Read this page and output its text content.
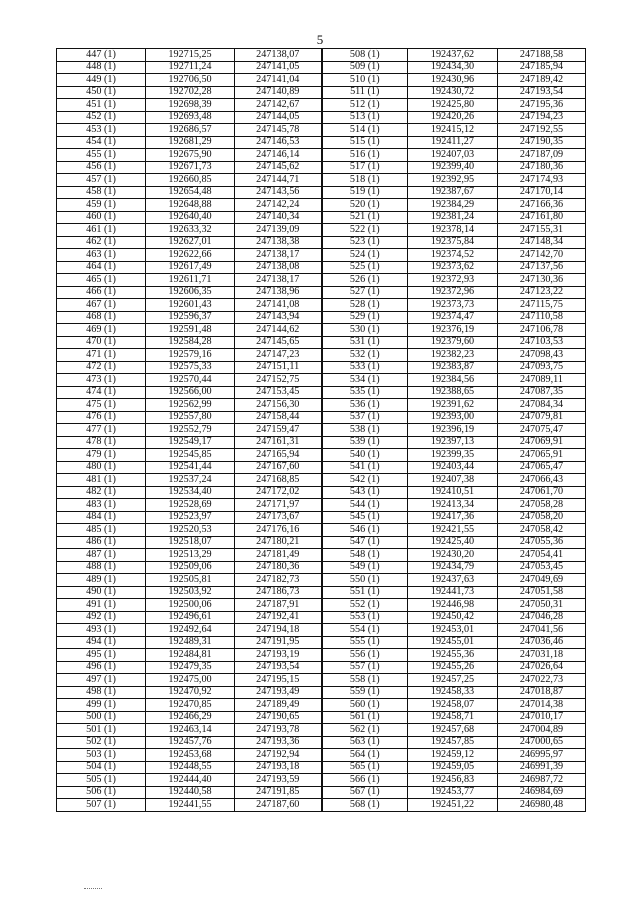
5
447 (1)	192715,25	247138,07	508 (1)	192437,62	247188,58
448 (1)	192711,24	247141,05	509 (1)	192434,30	247185,94
449 (1)	192706,50	247141,04	510 (1)	192430,96	247189,42
450 (1)	192702,28	247140,89	511 (1)	192430,72	247193,54
451 (1)	192698,39	247142,67	512 (1)	192425,80	247195,36
452 (1)	192693,48	247144,05	513 (1)	192420,26	247194,23
453 (1)	192686,57	247145,78	514 (1)	192415,12	247192,55
454 (1)	192681,29	247146,53	515 (1)	192411,27	247190,35
455 (1)	192675,90	247146,14	516 (1)	192407,03	247187,09
456 (1)	192671,73	247145,62	517 (1)	192399,40	247180,36
457 (1)	192660,85	247144,71	518 (1)	192392,95	247174,93
458 (1)	192654,48	247143,56	519 (1)	192387,67	247170,14
459 (1)	192648,88	247142,24	520 (1)	192384,29	247166,36
460 (1)	192640,40	247140,34	521 (1)	192381,24	247161,80
461 (1)	192633,32	247139,09	522 (1)	192378,14	247155,31
462 (1)	192627,01	247138,38	523 (1)	192375,84	247148,34
463 (1)	192622,66	247138,17	524 (1)	192374,52	247142,70
464 (1)	192617,49	247138,08	525 (1)	192373,62	247137,56
465 (1)	192611,71	247138,17	526 (1)	192372,93	247130,36
466 (1)	192606,35	247138,96	527 (1)	192372,96	247123,22
467 (1)	192601,43	247141,08	528 (1)	192373,73	247115,75
468 (1)	192596,37	247143,94	529 (1)	192374,47	247110,58
469 (1)	192591,48	247144,62	530 (1)	192376,19	247106,78
470 (1)	192584,28	247145,65	531 (1)	192379,60	247103,53
471 (1)	192579,16	247147,23	532 (1)	192382,23	247098,43
472 (1)	192575,33	247151,11	533 (1)	192383,87	247093,75
473 (1)	192570,44	247152,75	534 (1)	192384,56	247089,11
474 (1)	192566,00	247153,45	535 (1)	192388,65	247087,35
475 (1)	192562,99	247156,30	536 (1)	192391,62	247084,34
476 (1)	192557,80	247158,44	537 (1)	192393,00	247079,81
477 (1)	192552,79	247159,47	538 (1)	192396,19	247075,47
478 (1)	192549,17	247161,31	539 (1)	192397,13	247069,91
479 (1)	192545,85	247165,94	540 (1)	192399,35	247065,91
480 (1)	192541,44	247167,60	541 (1)	192403,44	247065,47
481 (1)	192537,24	247168,85	542 (1)	192407,38	247066,43
482 (1)	192534,40	247172,02	543 (1)	192410,51	247061,70
483 (1)	192528,69	247171,97	544 (1)	192413,34	247058,28
484 (1)	192523,97	247173,67	545 (1)	192417,36	247058,20
485 (1)	192520,53	247176,16	546 (1)	192421,55	247058,42
486 (1)	192518,07	247180,21	547 (1)	192425,40	247055,36
487 (1)	192513,29	247181,49	548 (1)	192430,20	247054,41
488 (1)	192509,06	247180,36	549 (1)	192434,79	247053,45
489 (1)	192505,81	247182,73	550 (1)	192437,63	247049,69
490 (1)	192503,92	247186,73	551 (1)	192441,73	247051,58
491 (1)	192500,06	247187,91	552 (1)	192446,98	247050,31
492 (1)	192496,61	247192,41	553 (1)	192450,42	247046,28
493 (1)	192492,64	247194,18	554 (1)	192453,01	247041,56
494 (1)	192489,31	247191,95	555 (1)	192455,01	247036,46
495 (1)	192484,81	247193,19	556 (1)	192455,36	247031,18
496 (1)	192479,35	247193,54	557 (1)	192455,26	247026,64
497 (1)	192475,00	247195,15	558 (1)	192457,25	247022,73
498 (1)	192470,92	247193,49	559 (1)	192458,33	247018,87
499 (1)	192470,85	247189,49	560 (1)	192458,07	247014,38
500 (1)	192466,29	247190,65	561 (1)	192458,71	247010,17
501 (1)	192463,14	247193,78	562 (1)	192457,68	247004,89
502 (1)	192457,76	247193,36	563 (1)	192457,85	247000,65
503 (1)	192453,68	247192,94	564 (1)	192459,12	246995,97
504 (1)	192448,55	247193,18	565 (1)	192459,05	246991,39
505 (1)	192444,40	247193,59	566 (1)	192456,83	246987,72
506 (1)	192440,58	247191,85	567 (1)	192453,77	246984,69
507 (1)	192441,55	247187,60	568 (1)	192451,22	246980,48
